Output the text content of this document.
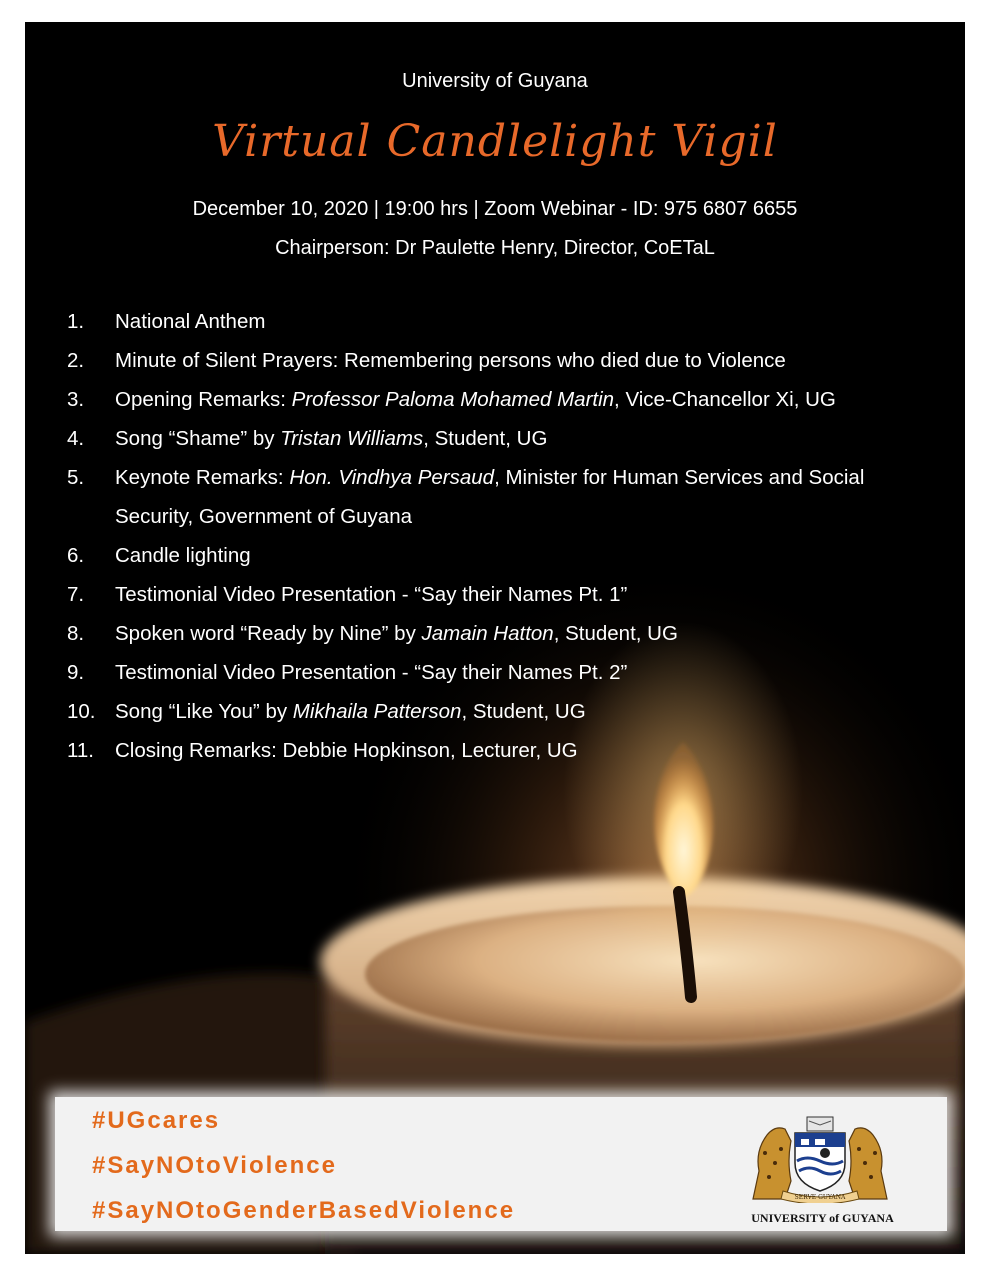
University of Guyana
Virtual Candlelight Vigil
December 10, 2020 | 19:00 hrs | Zoom Webinar - ID: 975 6807 6655
Chairperson: Dr Paulette Henry, Director, CoETaL
1.	National Anthem
2.	Minute of Silent Prayers: Remembering persons who died due to Violence
3.	Opening Remarks: Professor Paloma Mohamed Martin, Vice-Chancellor Xi, UG
4.	Song “Shame” by Tristan Williams, Student, UG
5.	Keynote Remarks: Hon. Vindhya Persaud, Minister for Human Services and Social Security, Government of Guyana
6.	Candle lighting
7.	Testimonial Video Presentation - “Say their Names Pt. 1”
8.	Spoken word “Ready by Nine” by Jamain Hatton, Student, UG
9.	Testimonial Video Presentation - “Say their Names Pt. 2”
10. Song “Like You” by Mikhaila Patterson, Student, UG
11.	Closing Remarks: Debbie Hopkinson, Lecturer, UG
#UGcares
#SayNOtoViolence
#SayNOtoGenderBasedViolence	SERVE GUYANA
UNIVERSITY of GUYANA
